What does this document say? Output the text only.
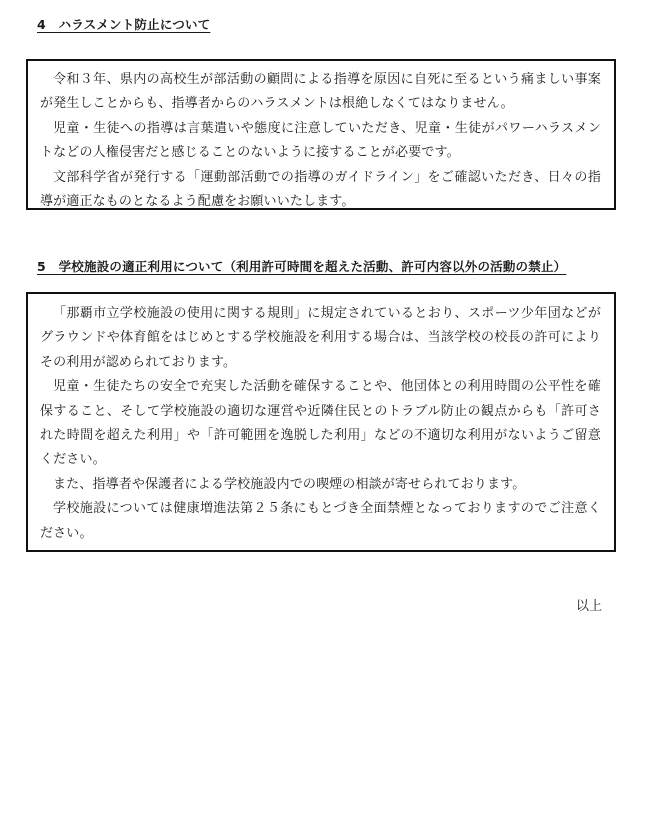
4　ハラスメント防止について

令和３年、県内の高校生が部活動の顧問による指導を原因に自死に至るという痛ましい事案が発生しことからも、指導者からのハラスメントは根絶しなくてはなりません。

児童・生徒への指導は言葉遣いや態度に注意していただき、児童・生徒がパワーハラスメントなどの人権侵害だと感じることのないように接することが必要です。

文部科学省が発行する「運動部活動での指導のガイドライン」をご確認いただき、日々の指導が適正なものとなるよう配慮をお願いいたします。

5　学校施設の適正利用について（利用許可時間を超えた活動、許可内容以外の活動の禁止）

「那覇市立学校施設の使用に関する規則」に規定されているとおり、スポーツ少年団などがグラウンドや体育館をはじめとする学校施設を利用する場合は、当該学校の校長の許可によりその利用が認められております。

児童・生徒たちの安全で充実した活動を確保することや、他団体との利用時間の公平性を確保すること、そして学校施設の適切な運営や近隣住民とのトラブル防止の観点からも「許可された時間を超えた利用」や「許可範囲を逸脱した利用」などの不適切な利用がないようご留意ください。

また、指導者や保護者による学校施設内での喫煙の相談が寄せられております。

学校施設については健康増進法第２５条にもとづき全面禁煙となっておりますのでご注意ください。

以上
